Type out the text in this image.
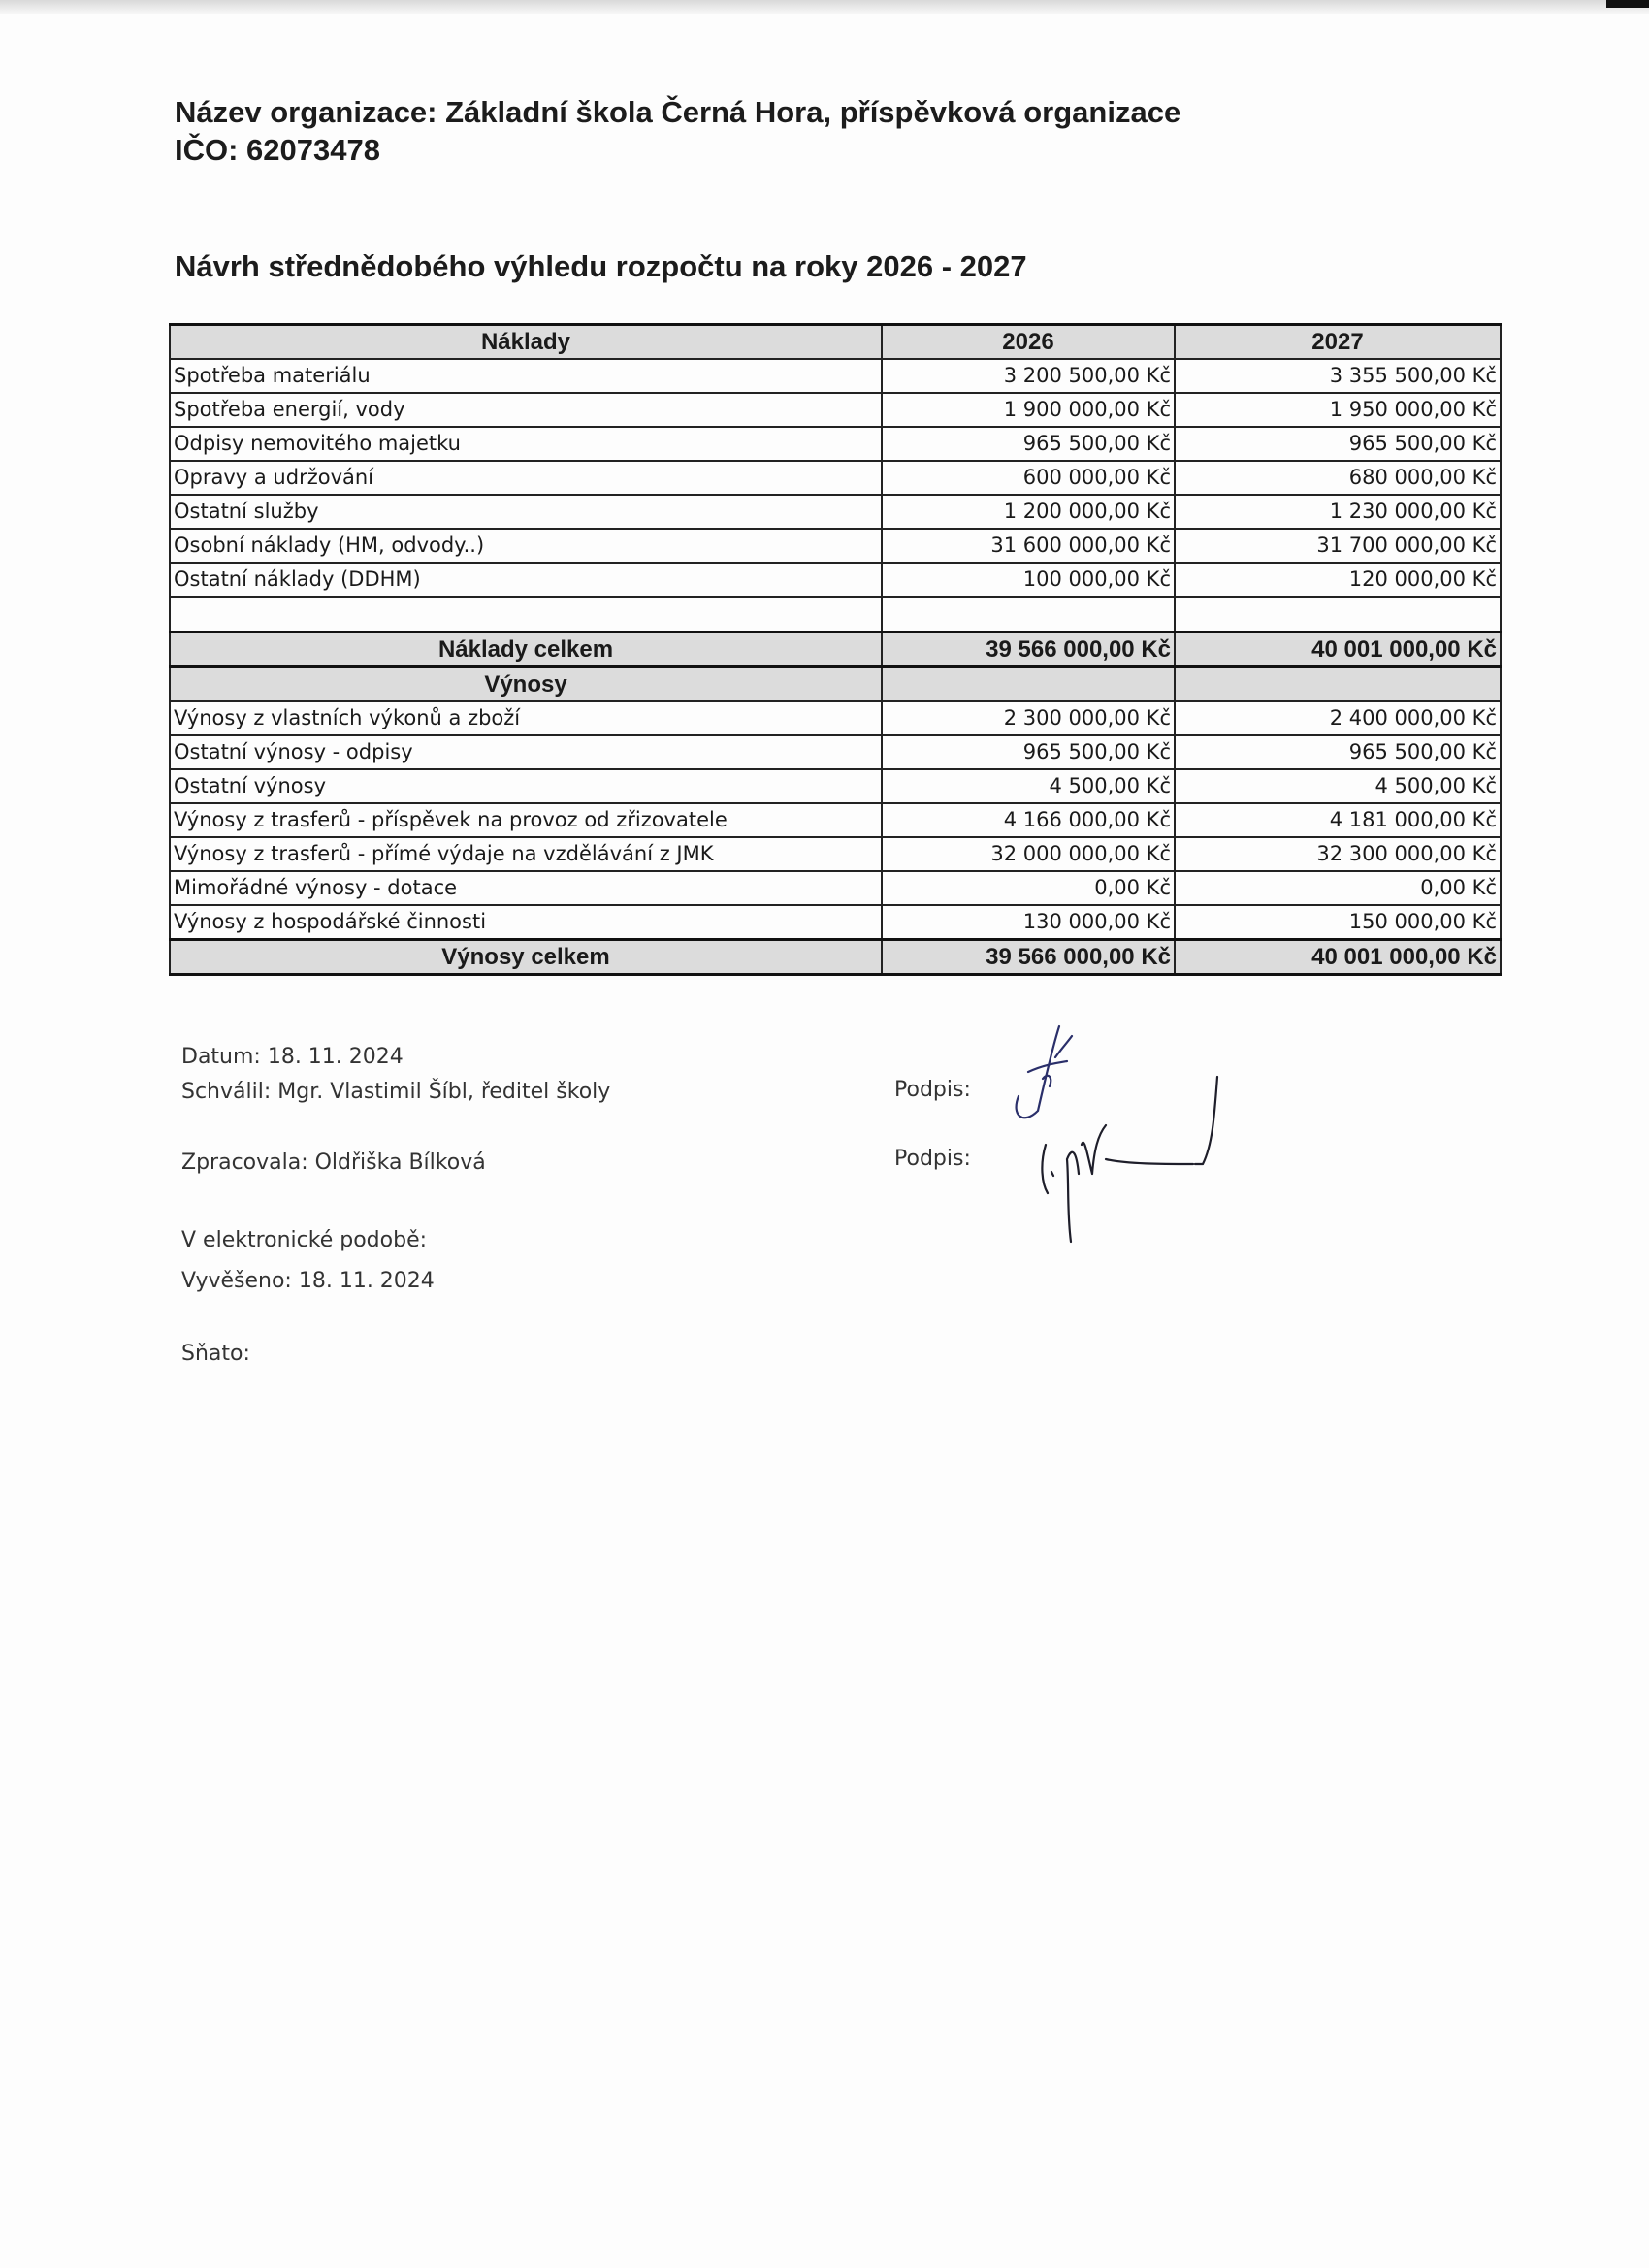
Název organizace: Základní škola Černá Hora, příspěvková organizace
IČO: 62073478
Návrh střednědobého výhledu rozpočtu na roky 2026 - 2027
Náklady	2026	2027
Spotřeba materiálu	3 200 500,00 Kč	3 355 500,00 Kč
Spotřeba energií, vody	1 900 000,00 Kč	1 950 000,00 Kč
Odpisy nemovitého majetku	965 500,00 Kč	965 500,00 Kč
Opravy a udržování	600 000,00 Kč	680 000,00 Kč
Ostatní služby	1 200 000,00 Kč	1 230 000,00 Kč
Osobní náklady (HM, odvody..)	31 600 000,00 Kč	31 700 000,00 Kč
Ostatní náklady (DDHM)	100 000,00 Kč	120 000,00 Kč

Náklady celkem	39 566 000,00 Kč	40 001 000,00 Kč
Výnosy		
Výnosy z vlastních výkonů a zboží	2 300 000,00 Kč	2 400 000,00 Kč
Ostatní výnosy - odpisy	965 500,00 Kč	965 500,00 Kč
Ostatní výnosy	4 500,00 Kč	4 500,00 Kč
Výnosy z trasferů - příspěvek na provoz od zřizovatele	4 166 000,00 Kč	4 181 000,00 Kč
Výnosy z trasferů - přímé výdaje na vzdělávání z JMK	32 000 000,00 Kč	32 300 000,00 Kč
Mimořádné výnosy - dotace	0,00 Kč	0,00 Kč
Výnosy z hospodářské činnosti	130 000,00 Kč	150 000,00 Kč
Výnosy celkem	39 566 000,00 Kč	40 001 000,00 Kč
Datum: 18. 11. 2024
Schválil: Mgr. Vlastimil Šíbl, ředitel školy	Podpis:
Zpracovala: Oldřiška Bílková	Podpis:
V elektronické podobě:
Vyvěšeno: 18. 11. 2024
Sňato:
